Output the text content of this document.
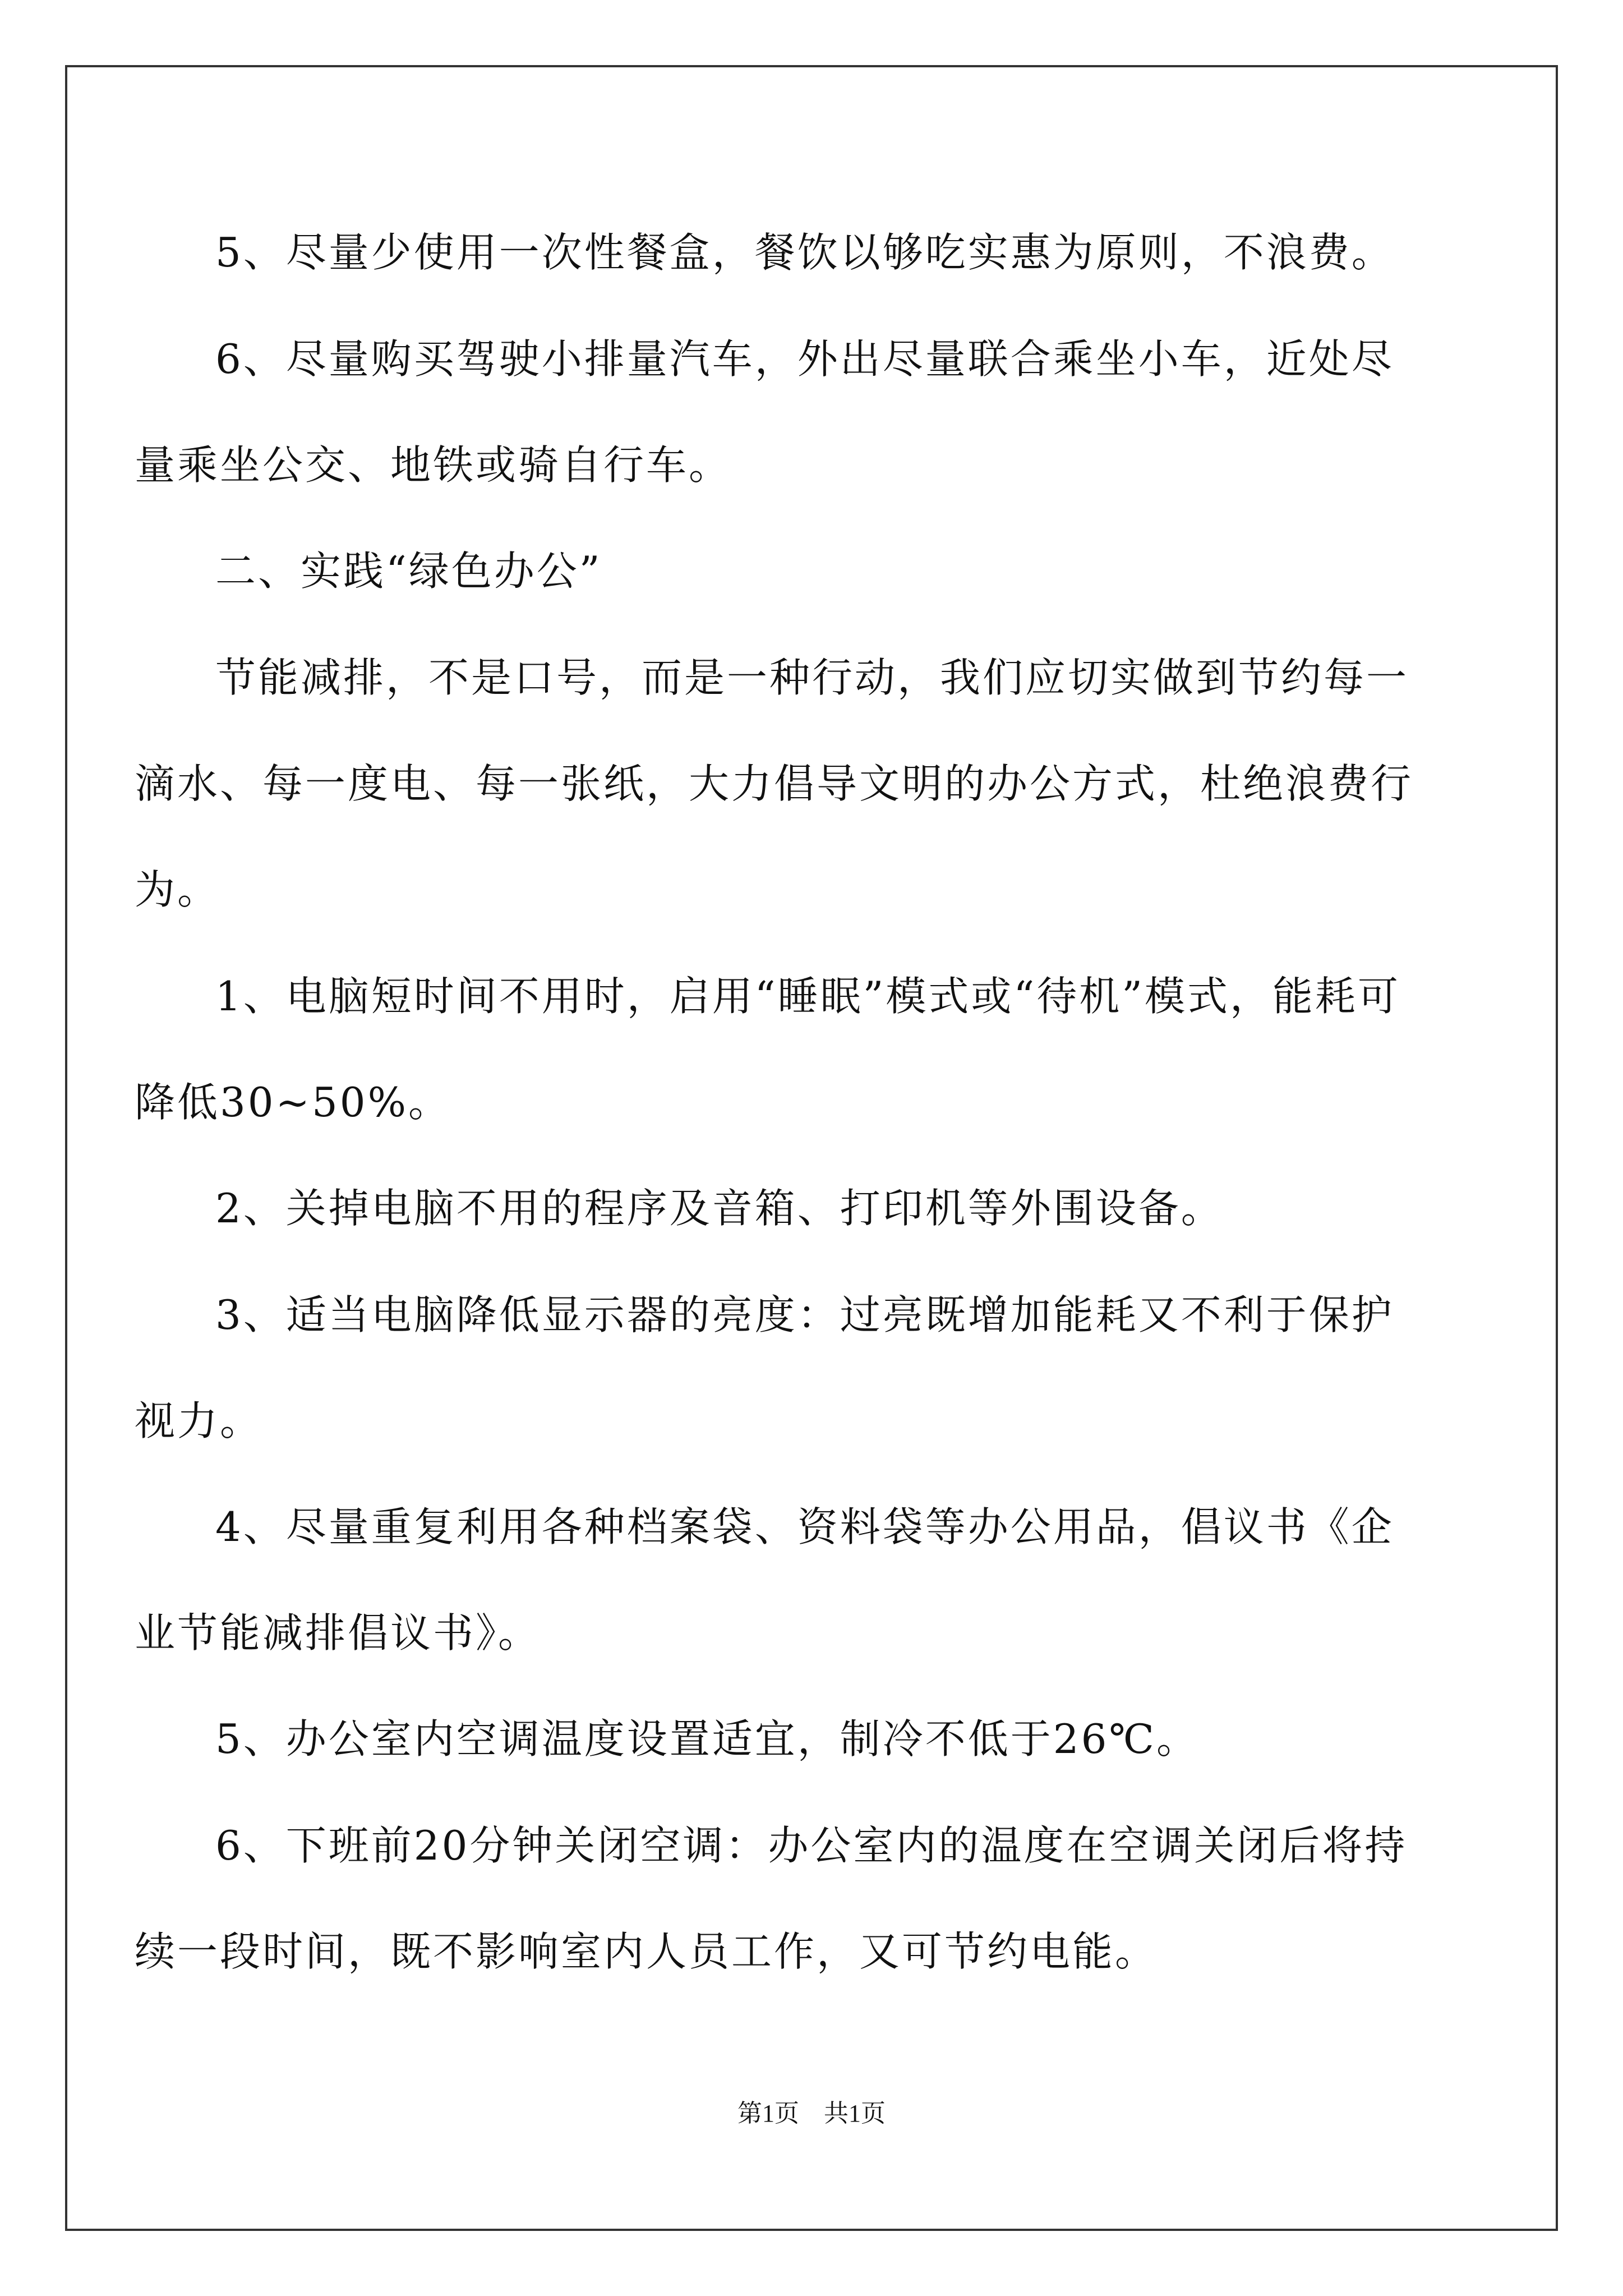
5、尽量少使用一次性餐盒，餐饮以够吃实惠为原则，不浪费。
6、尽量购买驾驶小排量汽车，外出尽量联合乘坐小车，近处尽量乘坐公交、地铁或骑自行车。
二、实践“绿色办公”
节能减排，不是口号，而是一种行动，我们应切实做到节约每一滴水、每一度电、每一张纸，大力倡导文明的办公方式，杜绝浪费行为。
1、电脑短时间不用时，启用“睡眠”模式或“待机”模式，能耗可降低30~50%。
2、关掉电脑不用的程序及音箱、打印机等外围设备。
3、适当电脑降低显示器的亮度：过亮既增加能耗又不利于保护视力。
4、尽量重复利用各种档案袋、资料袋等办公用品，倡议书《企业节能减排倡议书》。
5、办公室内空调温度设置适宜，制冷不低于26℃。
6、下班前20分钟关闭空调：办公室内的温度在空调关闭后将持续一段时间，既不影响室内人员工作，又可节约电能。
第1页　共1页
